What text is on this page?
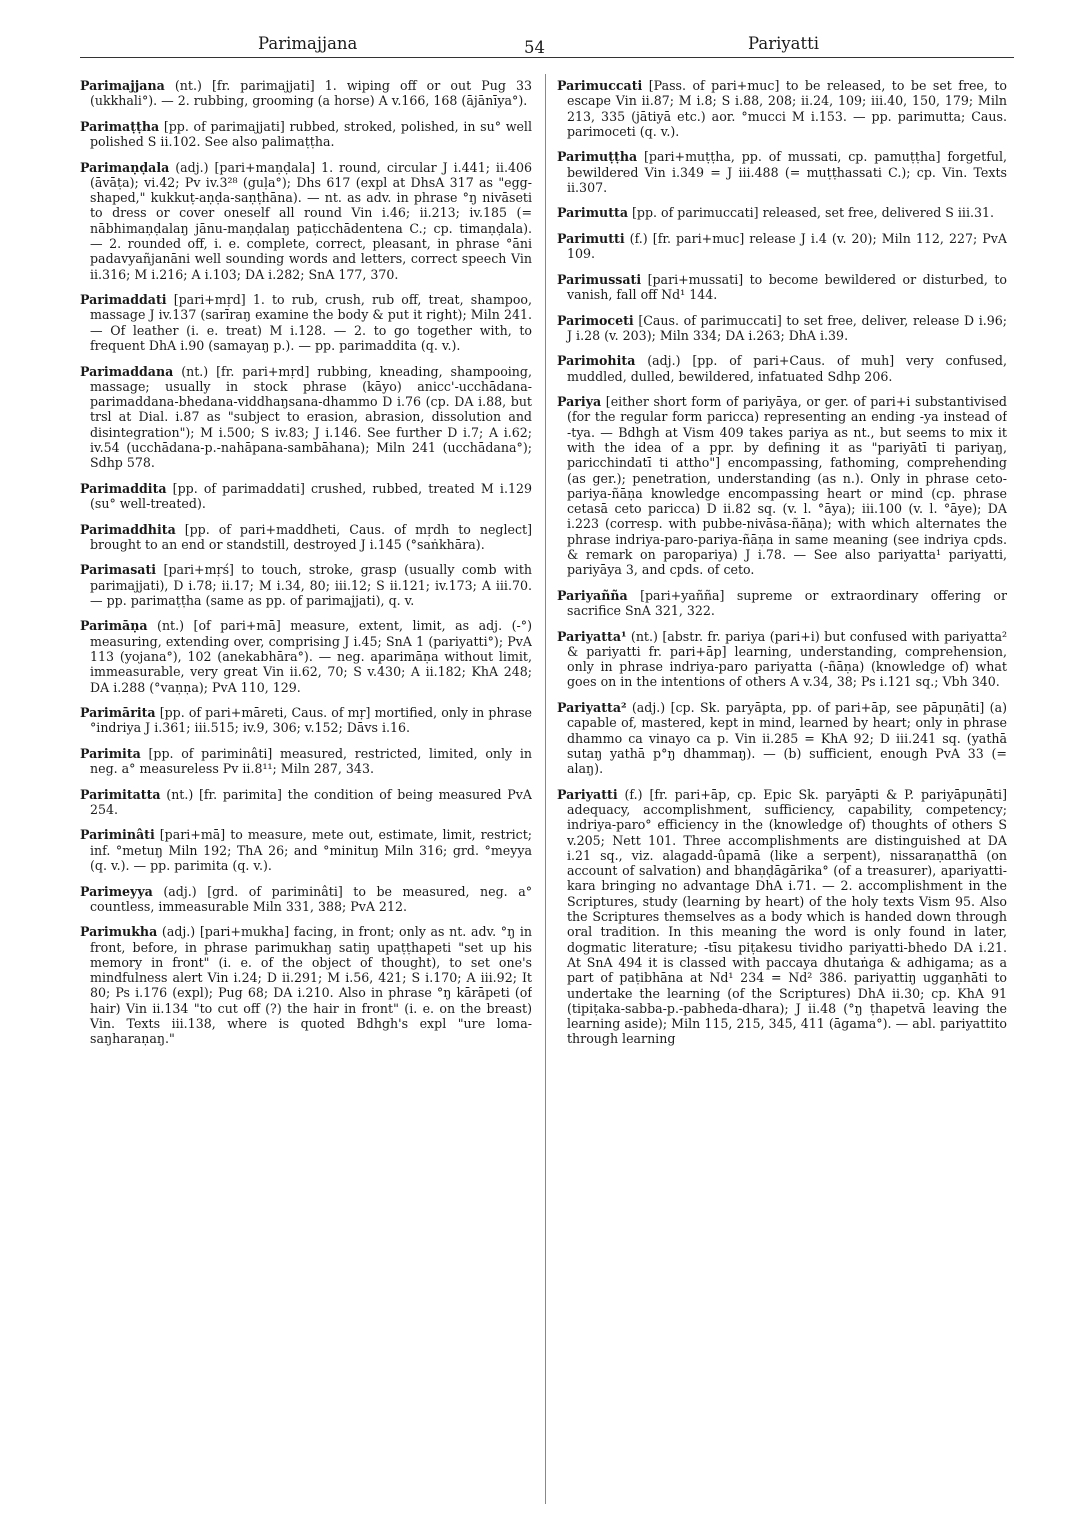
Parimajjana	54	Pariyatti

Parimajjana (nt.) [fr. parimajjati] 1. wiping off or out Pug 33 (ukkhali°). — 2. rubbing, grooming (a horse) A v.166, 168 (ājānīya°).

Parimaṭṭha [pp. of parimajjati] rubbed, stroked, polished, in su° well polished S ii.102. See also palimaṭṭha.

Parimaṇḍala (adj.) [pari+maṇḍala] 1. round, circular J i.441; ii.406 (āvāṭa); vi.42; Pv iv.3²⁸ (guḷa°); Dhs 617 (expl at DhsA 317 as "egg-shaped," kukkuṭ-aṇḍa-saṇṭhāna). — nt. as adv. in phrase °ŋ nivāseti to dress or cover oneself all round Vin i.46; ii.213; iv.185 (= nābhimaṇḍalaŋ jānu-maṇḍalaŋ paṭicchādentena C.; cp. timaṇḍala). — 2. rounded off, i. e. complete, correct, pleasant, in phrase °āni padavyañjanāni well sounding words and letters, correct speech Vin ii.316; M i.216; A i.103; DA i.282; SnA 177, 370.

Parimaddati [pari+mṛd] 1. to rub, crush, rub off, treat, shampoo, massage J iv.137 (sarīraŋ examine the body & put it right); Miln 241. — Of leather (i. e. treat) M i.128. — 2. to go together with, to frequent DhA i.90 (samayaŋ p.). — pp. parimaddita (q. v.).

Parimaddana (nt.) [fr. pari+mṛd] rubbing, kneading, shampooing, massage; usually in stock phrase (kāyo) anicc'-ucchādana-parimaddana-bhedana-viddhaŋsana-dhammo D i.76 (cp. DA i.88, but trsl at Dial. i.87 as "subject to erasion, abrasion, dissolution and disintegration"); M i.500; S iv.83; J i.146. See further D i.7; A i.62; iv.54 (ucchādana-p.-nahāpana-sambāhana); Miln 241 (ucchādana°); Sdhp 578.

Parimaddita [pp. of parimaddati] crushed, rubbed, treated M i.129 (su° well-treated).

Parimaddhita [pp. of pari+maddheti, Caus. of mṛdh to neglect] brought to an end or standstill, destroyed J i.145 (°saṅkhāra).

Parimasati [pari+mṛś] to touch, stroke, grasp (usually comb with parimajjati), D i.78; ii.17; M i.34, 80; iii.12; S ii.121; iv.173; A iii.70. — pp. parimaṭṭha (same as pp. of parimajjati), q. v.

Parimāṇa (nt.) [of pari+mā] measure, extent, limit, as adj. (-°) measuring, extending over, comprising J i.45; SnA 1 (pariyatti°); PvA 113 (yojana°), 102 (anekabhāra°). — neg. aparimāṇa without limit, immeasurable, very great Vin ii.62, 70; S v.430; A ii.182; KhA 248; DA i.288 (°vaṇṇa); PvA 110, 129.

Parimārita [pp. of pari+māreti, Caus. of mṛ] mortified, only in phrase °indriya J i.361; iii.515; iv.9, 306; v.152; Dāvs i.16.

Parimita [pp. of pariminâti] measured, restricted, limited, only in neg. a° measureless Pv ii.8¹¹; Miln 287, 343.

Parimitatta (nt.) [fr. parimita] the condition of being measured PvA 254.

Pariminâti [pari+mā] to measure, mete out, estimate, limit, restrict; inf. °metuŋ Miln 192; ThA 26; and °minituŋ Miln 316; grd. °meyya (q. v.). — pp. parimita (q. v.).

Parimeyya (adj.) [grd. of pariminâti] to be measured, neg. a° countless, immeasurable Miln 331, 388; PvA 212.

Parimukha (adj.) [pari+mukha] facing, in front; only as nt. adv. °ŋ in front, before, in phrase parimukhaŋ satiŋ upaṭṭhapeti "set up his memory in front" (i. e. of the object of thought), to set one's mindfulness alert Vin i.24; D ii.291; M i.56, 421; S i.170; A iii.92; It 80; Ps i.176 (expl); Pug 68; DA i.210. Also in phrase °ŋ kārāpeti (of hair) Vin ii.134 "to cut off (?) the hair in front" (i. e. on the breast) Vin. Texts iii.138, where is quoted Bdhgh's expl "ure loma-saŋharaṇaŋ."

Parimuccati [Pass. of pari+muc] to be released, to be set free, to escape Vin ii.87; M i.8; S i.88, 208; ii.24, 109; iii.40, 150, 179; Miln 213, 335 (jātiyā etc.) aor. °mucci M i.153. — pp. parimutta; Caus. parimoceti (q. v.).

Parimuṭṭha [pari+muṭṭha, pp. of mussati, cp. pamuṭṭha] forgetful, bewildered Vin i.349 = J iii.488 (= muṭṭhassati C.); cp. Vin. Texts ii.307.

Parimutta [pp. of parimuccati] released, set free, delivered S iii.31.

Parimutti (f.) [fr. pari+muc] release J i.4 (v. 20); Miln 112, 227; PvA 109.

Parimussati [pari+mussati] to become bewildered or disturbed, to vanish, fall off Nd¹ 144.

Parimoceti [Caus. of parimuccati] to set free, deliver, release D i.96; J i.28 (v. 203); Miln 334; DA i.263; DhA i.39.

Parimohita (adj.) [pp. of pari+Caus. of muh] very confused, muddled, dulled, bewildered, infatuated Sdhp 206.

Pariya [either short form of pariyāya, or ger. of pari+i substantivised (for the regular form paricca) representing an ending -ya instead of -tya. — Bdhgh at Vism 409 takes pariya as nt., but seems to mix it with the idea of a ppr. by defining it as "pariyātī ti pariyaŋ, paricchindatī ti attho"] encompassing, fathoming, comprehending (as ger.); penetration, understanding (as n.). Only in phrase ceto-pariya-ñāṇa knowledge encompassing heart or mind (cp. phrase cetasā ceto paricca) D ii.82 sq. (v. l. °āya); iii.100 (v. l. °āye); DA i.223 (corresp. with pubbe-nivāsa-ñāṇa); with which alternates the phrase indriya-paro-pariya-ñāṇa in same meaning (see indriya cpds. & remark on paropariya) J i.78. — See also pariyatta¹ pariyatti, pariyāya 3, and cpds. of ceto.

Pariyañña [pari+yañña] supreme or extraordinary offering or sacrifice SnA 321, 322.

Pariyatta¹ (nt.) [abstr. fr. pariya (pari+i) but confused with pariyatta² & pariyatti fr. pari+āp] learning, understanding, comprehension, only in phrase indriya-paro pariyatta (-ñāṇa) (knowledge of) what goes on in the intentions of others A v.34, 38; Ps i.121 sq.; Vbh 340.

Pariyatta² (adj.) [cp. Sk. paryāpta, pp. of pari+āp, see pāpuṇāti] (a) capable of, mastered, kept in mind, learned by heart; only in phrase dhammo ca vinayo ca p. Vin ii.285 = KhA 92; D iii.241 sq. (yathā sutaŋ yathā p°ŋ dhammaŋ). — (b) sufficient, enough PvA 33 (= alaŋ).

Pariyatti (f.) [fr. pari+āp, cp. Epic Sk. paryāpti & P. pariyāpuṇāti] adequacy, accomplishment, sufficiency, capability, competency; indriya-paro° efficiency in the (knowledge of) thoughts of others S v.205; Nett 101. Three accomplishments are distinguished at DA i.21 sq., viz. alagadd-ûpamā (like a serpent), nissaraṇatthā (on account of salvation) and bhaṇḍāgārika° (of a treasurer), apariyatti-kara bringing no advantage DhA i.71. — 2. accomplishment in the Scriptures, study (learning by heart) of the holy texts Vism 95. Also the Scriptures themselves as a body which is handed down through oral tradition. In this meaning the word is only found in later, dogmatic literature; -tīsu piṭakesu tividho pariyatti-bhedo DA i.21. At SnA 494 it is classed with paccaya dhutaṅga & adhigama; as a part of paṭibhāna at Nd¹ 234 = Nd² 386. pariyattiŋ uggaṇhāti to undertake the learning (of the Scriptures) DhA ii.30; cp. KhA 91 (tipiṭaka-sabba-p.-pabheda-dhara); J ii.48 (°ŋ ṭhapetvā leaving the learning aside); Miln 115, 215, 345, 411 (āgama°). — abl. pariyattito through learning
